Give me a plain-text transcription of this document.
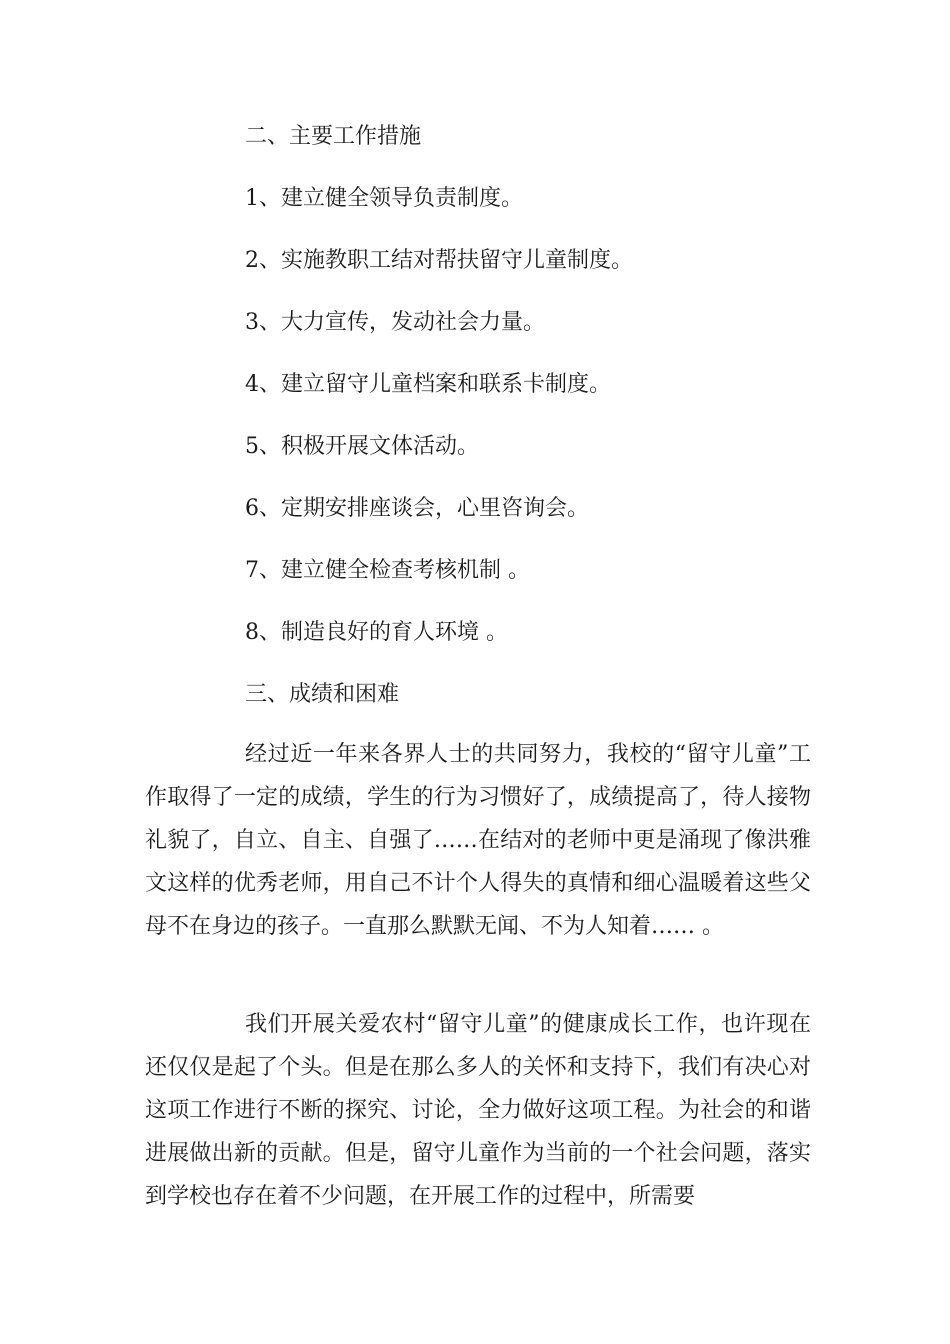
二、主要工作措施
1、建立健全领导负责制度。
2、实施教职工结对帮扶留守儿童制度。
3、大力宣传，发动社会力量。
4、建立留守儿童档案和联系卡制度。
5、积极开展文体活动。
6、定期安排座谈会，心里咨询会。
7、建立健全检查考核机制 。
8、制造良好的育人环境 。
三、成绩和困难

经过近一年来各界人士的共同努力，我校的“留守儿童”工作取得了一定的成绩，学生的行为习惯好了，成绩提高了，待人接物礼貌了，自立、自主、自强了……在结对的老师中更是涌现了像洪雅文这样的优秀老师，用自己不计个人得失的真情和细心温暖着这些父母不在身边的孩子。一直那么默默无闻、不为人知着…… 。

我们开展关爱农村“留守儿童”的健康成长工作，也许现在还仅仅是起了个头。但是在那么多人的关怀和支持下，我们有决心对这项工作进行不断的探究、讨论，全力做好这项工程。为社会的和谐进展做出新的贡献。但是，留守儿童作为当前的一个社会问题，落实到学校也存在着不少问题，在开展工作的过程中，所需要
